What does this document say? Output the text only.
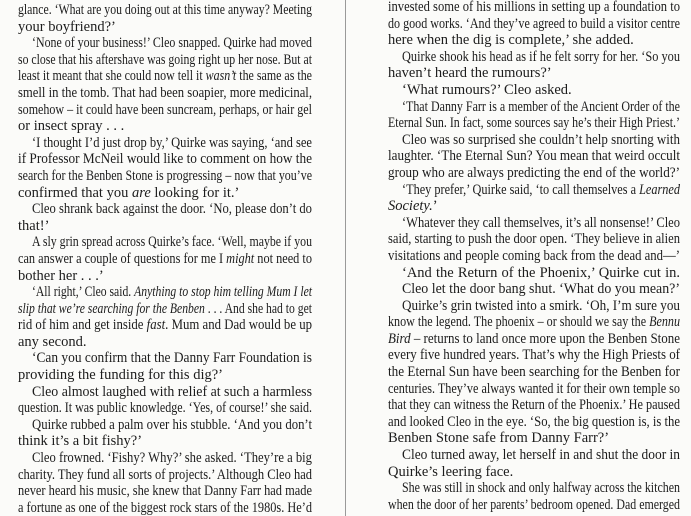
glance. ‘What are you doing out at this time anyway? Meeting
your boyfriend?’
‘None of your business!’ Cleo snapped. Quirke had moved
so close that his aftershave was going right up her nose. But at
least it meant that she could now tell it wasn’t the same as the
smell in the tomb. That had been soapier, more medicinal,
somehow – it could have been suncream, perhaps, or hair gel
or insect spray . . .
‘I thought I’d just drop by,’ Quirke was saying, ‘and see
if Professor McNeil would like to comment on how the
search for the Benben Stone is progressing – now that you’ve
confirmed that you are looking for it.’
Cleo shrank back against the door. ‘No, please don’t do
that!’
A sly grin spread across Quirke’s face. ‘Well, maybe if you
can answer a couple of questions for me I might not need to
bother her . . .’
‘All right,’ Cleo said. Anything to stop him telling Mum I let
slip that we’re searching for the Benben . . . And she had to get
rid of him and get inside fast. Mum and Dad would be up
any second.
‘Can you confirm that the Danny Farr Foundation is
providing the funding for this dig?’
Cleo almost laughed with relief at such a harmless
question. It was public knowledge. ‘Yes, of course!’ she said.
Quirke rubbed a palm over his stubble. ‘And you don’t
think it’s a bit fishy?’
Cleo frowned. ‘Fishy? Why?’ she asked. ‘They’re a big
charity. They fund all sorts of projects.’ Although Cleo had
never heard his music, she knew that Danny Farr had made
a fortune as one of the biggest rock stars of the 1980s. He’d
invested some of his millions in setting up a foundation to
do good works. ‘And they’ve agreed to build a visitor centre
here when the dig is complete,’ she added.
Quirke shook his head as if he felt sorry for her. ‘So you
haven’t heard the rumours?’
‘What rumours?’ Cleo asked.
‘That Danny Farr is a member of the Ancient Order of the
Eternal Sun. In fact, some sources say he’s their High Priest.’
Cleo was so surprised she couldn’t help snorting with
laughter. ‘The Eternal Sun? You mean that weird occult
group who are always predicting the end of the world?’
‘They prefer,’ Quirke said, ‘to call themselves a Learned
Society.’
‘Whatever they call themselves, it’s all nonsense!’ Cleo
said, starting to push the door open. ‘They believe in alien
visitations and people coming back from the dead and—’
‘And the Return of the Phoenix,’ Quirke cut in.
Cleo let the door bang shut. ‘What do you mean?’
Quirke’s grin twisted into a smirk. ‘Oh, I’m sure you
know the legend. The phoenix – or should we say the Bennu
Bird – returns to land once more upon the Benben Stone
every five hundred years. That’s why the High Priests of
the Eternal Sun have been searching for the Benben for
centuries. They’ve always wanted it for their own temple so
that they can witness the Return of the Phoenix.’ He paused
and looked Cleo in the eye. ‘So, the big question is, is the
Benben Stone safe from Danny Farr?’
Cleo turned away, let herself in and shut the door in
Quirke’s leering face.
She was still in shock and only halfway across the kitchen
when the door of her parents’ bedroom opened. Dad emerged
